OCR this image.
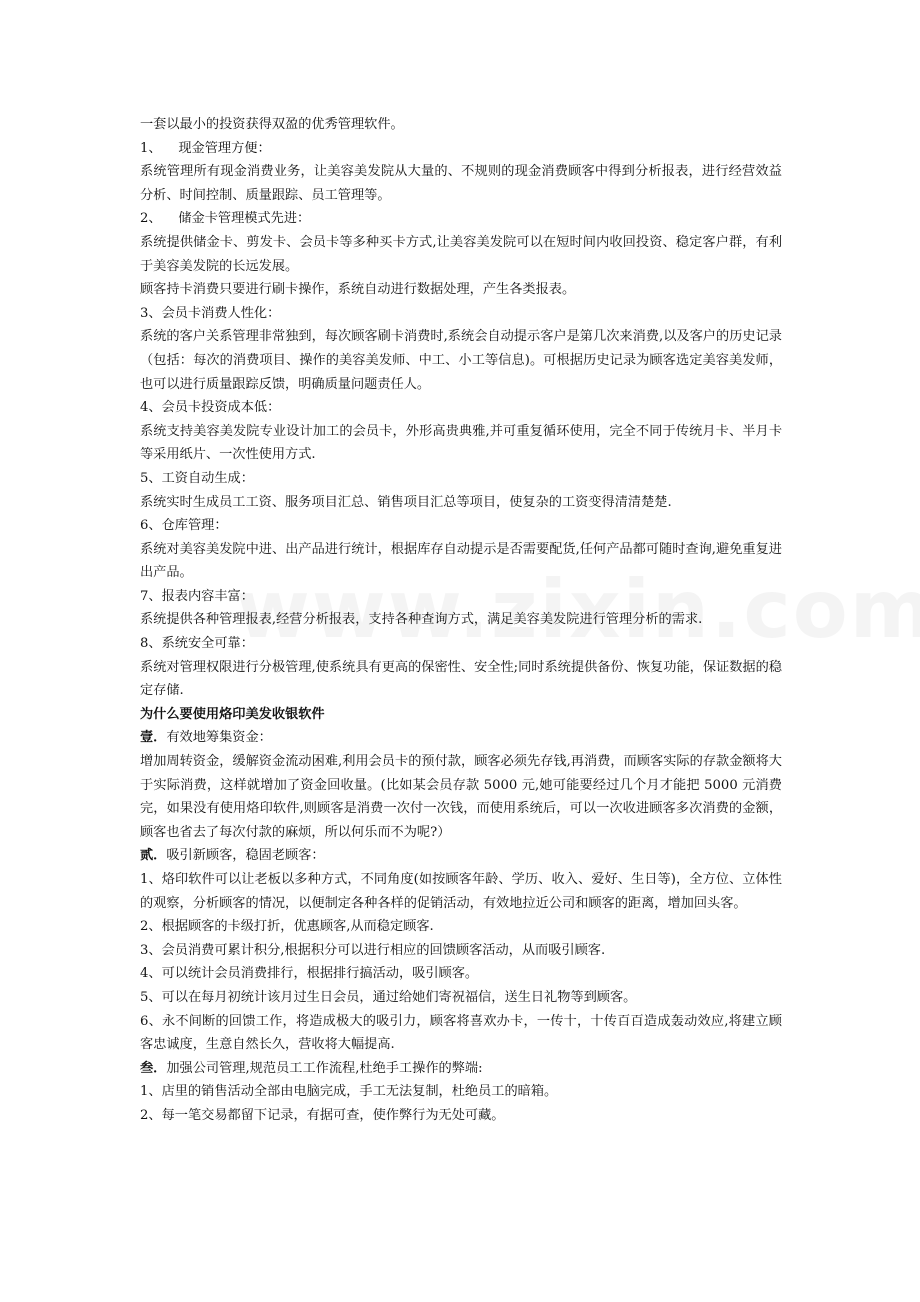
一套以最小的投资获得双盈的优秀管理软件。

1、    现金管理方便：

系统管理所有现金消费业务，让美容美发院从大量的、不规则的现金消费顾客中得到分析报表，进行经营效益分析、时间控制、质量跟踪、员工管理等。

2、    储金卡管理模式先进：

系统提供储金卡、剪发卡、会员卡等多种买卡方式,让美容美发院可以在短时间内收回投资、稳定客户群，有利于美容美发院的长远发展。

顾客持卡消费只要进行刷卡操作，系统自动进行数据处理，产生各类报表。

3、会员卡消费人性化：

系统的客户关系管理非常独到，每次顾客刷卡消费时,系统会自动提示客户是第几次来消费,以及客户的历史记录（包括：每次的消费项目、操作的美容美发师、中工、小工等信息)。可根据历史记录为顾客选定美容美发师，也可以进行质量跟踪反馈，明确质量问题责任人。

4、会员卡投资成本低：

系统支持美容美发院专业设计加工的会员卡，外形高贵典雅,并可重复循环使用，完全不同于传统月卡、半月卡等采用纸片、一次性使用方式.

5、工资自动生成：

系统实时生成员工工资、服务项目汇总、销售项目汇总等项目，使复杂的工资变得清清楚楚.

6、仓库管理：

系统对美容美发院中进、出产品进行统计，根据库存自动提示是否需要配货,任何产品都可随时查询,避免重复进出产品。

7、报表内容丰富：

系统提供各种管理报表,经营分析报表，支持各种查询方式，满足美容美发院进行管理分析的需求.

8、系统安全可靠：

系统对管理权限进行分极管理,使系统具有更高的保密性、安全性;同时系统提供备份、恢复功能，保证数据的稳定存储.

为什么要使用烙印美发收银软件

壹．有效地筹集资金：

增加周转资金，缓解资金流动困难,利用会员卡的预付款，顾客必须先存钱,再消费，而顾客实际的存款金额将大于实际消费，这样就增加了资金回收量。(比如某会员存款 5000 元,她可能要经过几个月才能把 5000 元消费完，如果没有使用烙印软件,则顾客是消费一次付一次钱，而使用系统后，可以一次收进顾客多次消费的金额，顾客也省去了每次付款的麻烦，所以何乐而不为呢?）

贰．吸引新顾客，稳固老顾客：

1、烙印软件可以让老板以多种方式，不同角度(如按顾客年龄、学历、收入、爱好、生日等)，全方位、立体性的观察，分析顾客的情况，以便制定各种各样的促销活动，有效地拉近公司和顾客的距离，增加回头客。

2、根据顾客的卡级打折，优惠顾客,从而稳定顾客.

3、会员消费可累计积分,根据积分可以进行相应的回馈顾客活动，从而吸引顾客.

4、可以统计会员消费排行，根据排行搞活动，吸引顾客。

5、可以在每月初统计该月过生日会员，通过给她们寄祝福信，送生日礼物等到顾客。

6、永不间断的回馈工作，将造成极大的吸引力，顾客将喜欢办卡，一传十，十传百百造成轰动效应,将建立顾客忠诚度，生意自然长久，营收将大幅提高.

叁．加强公司管理,规范员工工作流程,杜绝手工操作的弊端:

1、店里的销售活动全部由电脑完成，手工无法复制，杜绝员工的暗箱。

2、每一笔交易都留下记录，有据可查，使作弊行为无处可藏。
